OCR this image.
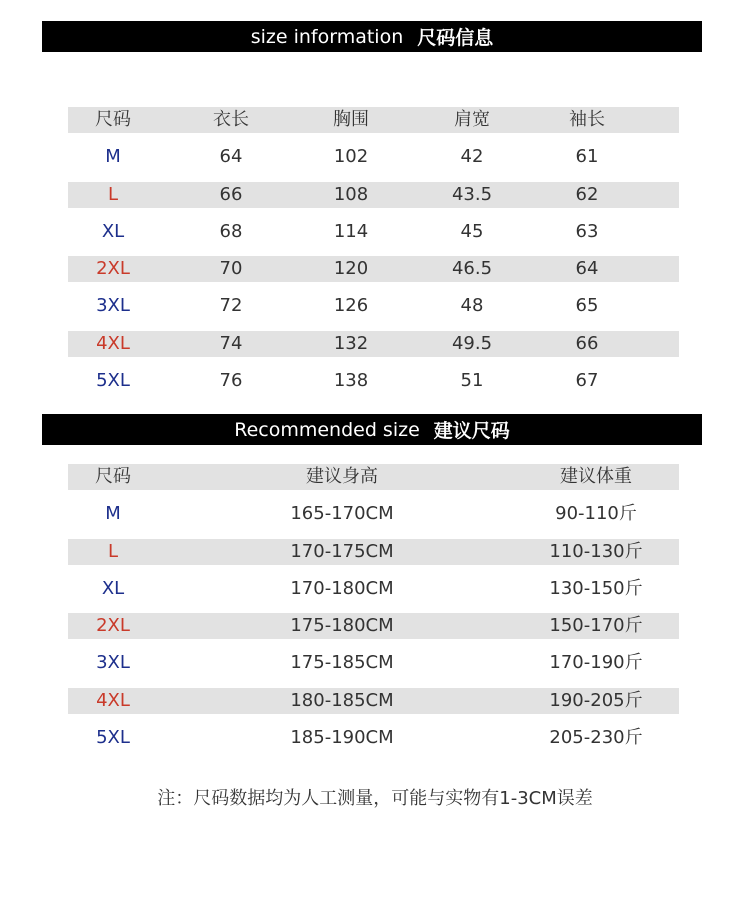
size information 尺码信息
尺码	衣长	胸围	肩宽	袖长
M	64	102	42	61
L	66	108	43.5	62
XL	68	114	45	63
2XL	70	120	46.5	64
3XL	72	126	48	65
4XL	74	132	49.5	66
5XL	76	138	51	67
Recommended size 建议尺码
尺码	建议身高	建议体重
M	165-170CM	90-110斤
L	170-175CM	110-130斤
XL	170-180CM	130-150斤
2XL	175-180CM	150-170斤
3XL	175-185CM	170-190斤
4XL	180-185CM	190-205斤
5XL	185-190CM	205-230斤
注：尺码数据均为人工测量，可能与实物有1-3CM误差
